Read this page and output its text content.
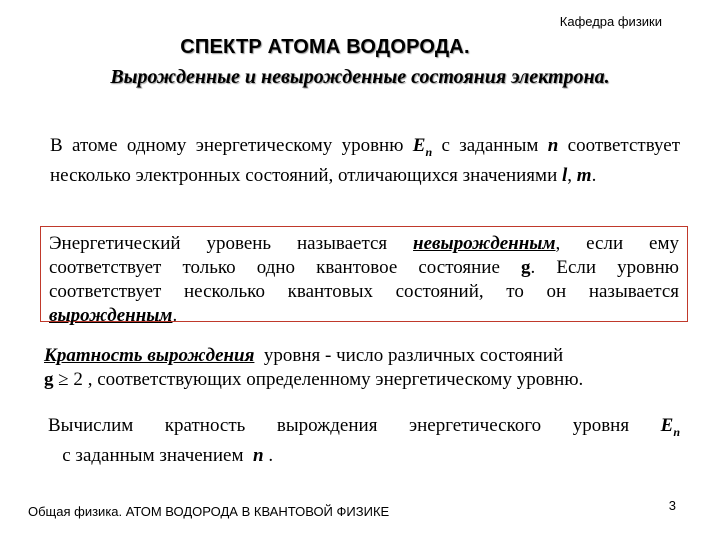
Кафедра физики
СПЕКТР АТОМА ВОДОРОДА.
Вырожденные и невырожденные состояния электрона.
В атоме одному энергетическому уровню $E_n$ с заданным n соответствует несколько электронных состояний, отличающихся значениями l, m.
Энергетический уровень называется невырожденным, если ему соответствует только одно квантовое состояние g. Если уровню соответствует несколько квантовых состояний, то он называется вырожденным.
Кратность вырождения  уровня - число различных состояний
g ≥ 2 , соответствующих определенному энергетическому уровню.
Вычислим кратность вырождения энергетического уровня $E_n$   с заданным значением  n .
Общая физика. АТОМ ВОДОРОДА В КВАНТОВОЙ ФИЗИКЕ	3
